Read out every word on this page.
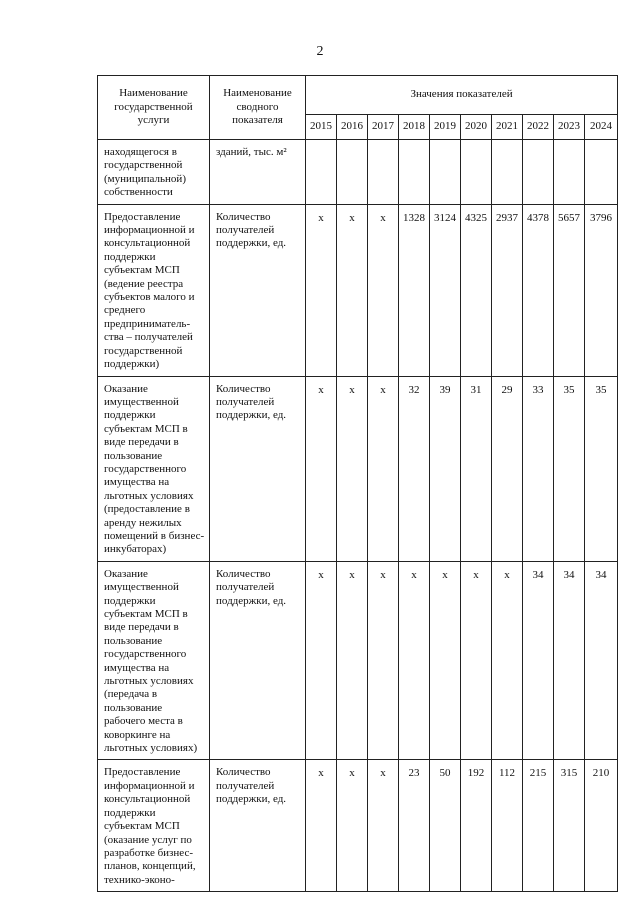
2
Наименование государственной услуги	Наименование сводного показателя	Значения показателей									
		2015	2016	2017	2018	2019	2020	2021	2022	2023	2024
находящегося в государственной (муниципальной) собственности	зданий, тыс. м²										
Предоставление информационной и консультационной поддержки субъектам МСП (ведение реестра субъектов малого и среднего предприниматель-ства – получателей государственной поддержки)	Количество получателей поддержки, ед.	x	x	x	1328	3124	4325	2937	4378	5657	3796
Оказание имущественной поддержки субъектам МСП в виде передачи в пользование государственного имущества на льготных условиях (предоставление в аренду нежилых помещений в бизнес-инкубаторах)	Количество получателей поддержки, ед.	x	x	x	32	39	31	29	33	35	35
Оказание имущественной поддержки субъектам МСП в виде передачи в пользование государственного имущества на льготных условиях (передача в пользование рабочего места в коворкинге на льготных условиях)	Количество получателей поддержки, ед.	x	x	x	x	x	x	x	34	34	34
Предоставление информационной и консультационной поддержки субъектам МСП (оказание услуг по разработке бизнес-планов, концепций, технико-эконо-	Количество получателей поддержки, ед.	x	x	x	23	50	192	112	215	315	210
